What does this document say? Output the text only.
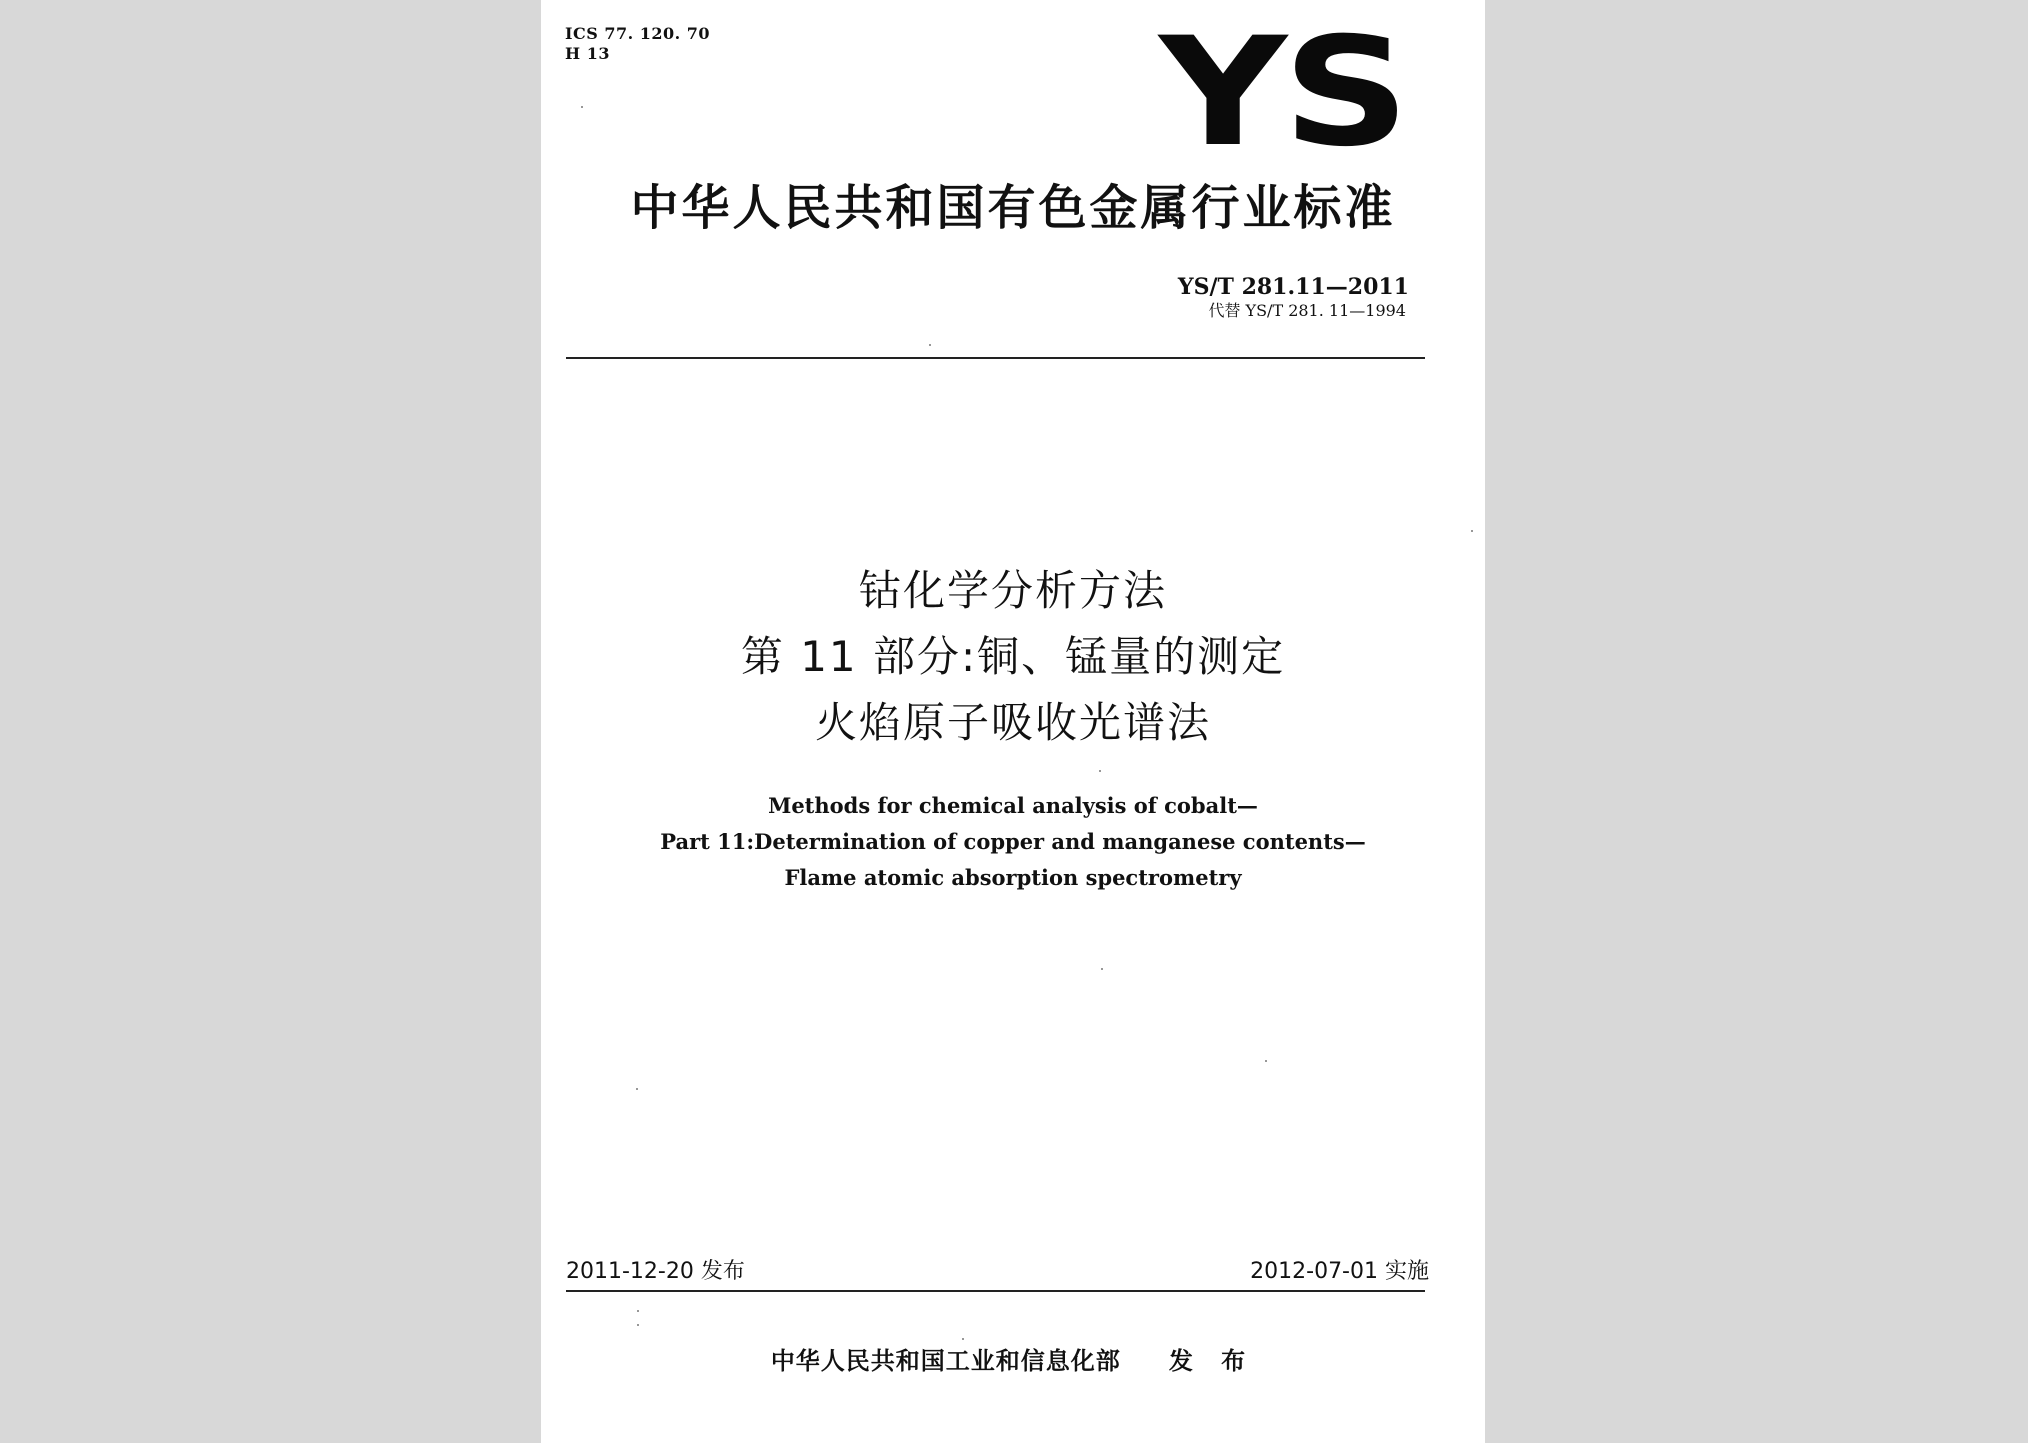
ICS 77. 120. 70
H 13	YS
中华人民共和国有色金属行业标准
YS/T 281.11—2011
代替 YS/T 281. 11—1994
钴化学分析方法
第 11 部分:铜、锰量的测定
火焰原子吸收光谱法
Methods for chemical analysis of cobalt—
Part 11:Determination of copper and manganese contents—
Flame atomic absorption spectrometry
2011-12-20 发布	2012-07-01 实施
中华人民共和国工业和信息化部 发 布
